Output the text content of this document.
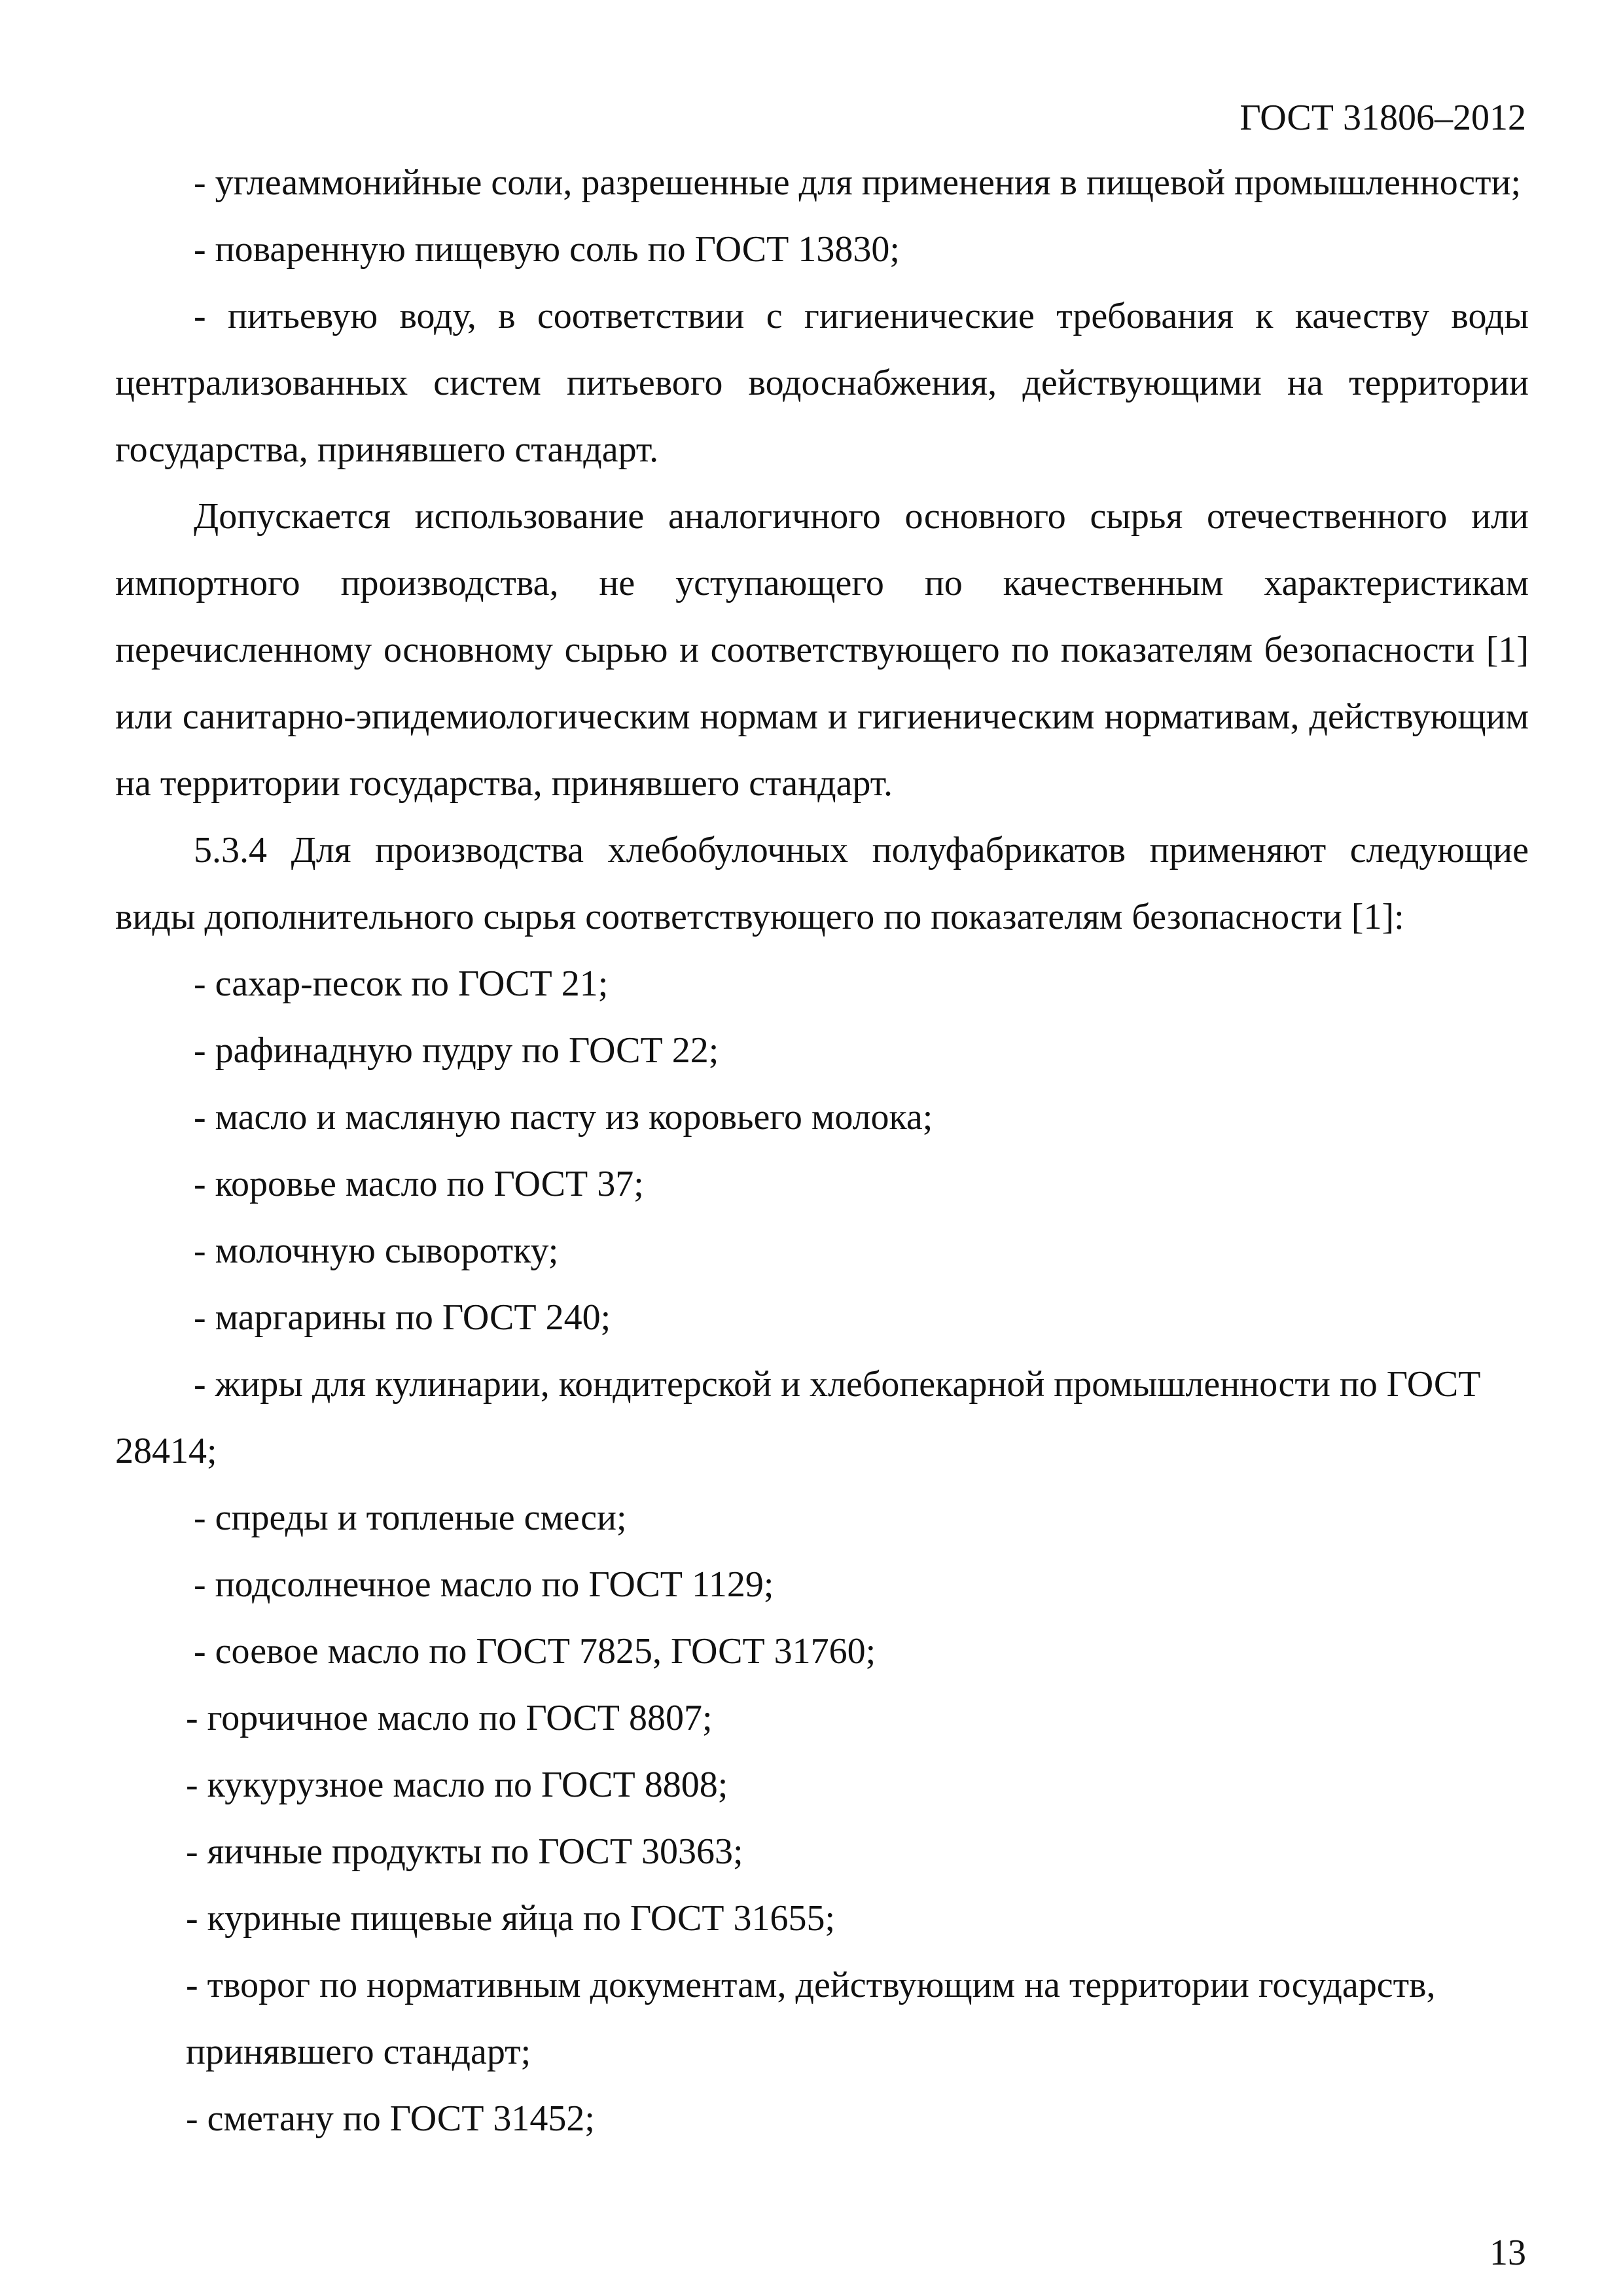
ГОСТ 31806–2012

- углеаммонийные соли, разрешенные для применения в пищевой промышленности;

- поваренную пищевую соль по ГОСТ 13830;

- питьевую воду, в соответствии с гигиенические требования к качеству воды централизованных систем питьевого водоснабжения, действующими на территории государства, принявшего стандарт.

Допускается использование аналогичного основного сырья отечественного или импортного производства, не уступающего по качественным характеристикам перечисленному основному сырью и соответствующего по показателям безопасности [1] или санитарно-эпидемиологическим нормам и гигиеническим нормативам, действующим на территории государства, принявшего стандарт.

5.3.4 Для производства хлебобулочных полуфабрикатов применяют следующие виды дополнительного сырья соответствующего по показателям безопасности [1]:

- сахар-песок по ГОСТ 21;

- рафинадную пудру по ГОСТ 22;

- масло и масляную пасту из коровьего молока;

- коровье масло по ГОСТ 37;

- молочную сыворотку;

- маргарины по ГОСТ 240;

- жиры для кулинарии, кондитерской и хлебопекарной промышленности по ГОСТ 28414;

- спреды и топленые смеси;

- подсолнечное масло по ГОСТ 1129;

- соевое масло по ГОСТ 7825, ГОСТ 31760;

- горчичное масло по ГОСТ 8807;

- кукурузное масло по ГОСТ 8808;

- яичные продукты по ГОСТ 30363;

- куриные пищевые яйца по ГОСТ 31655;

- творог по нормативным документам, действующим на территории государств, принявшего стандарт;

- сметану по ГОСТ 31452;

13
